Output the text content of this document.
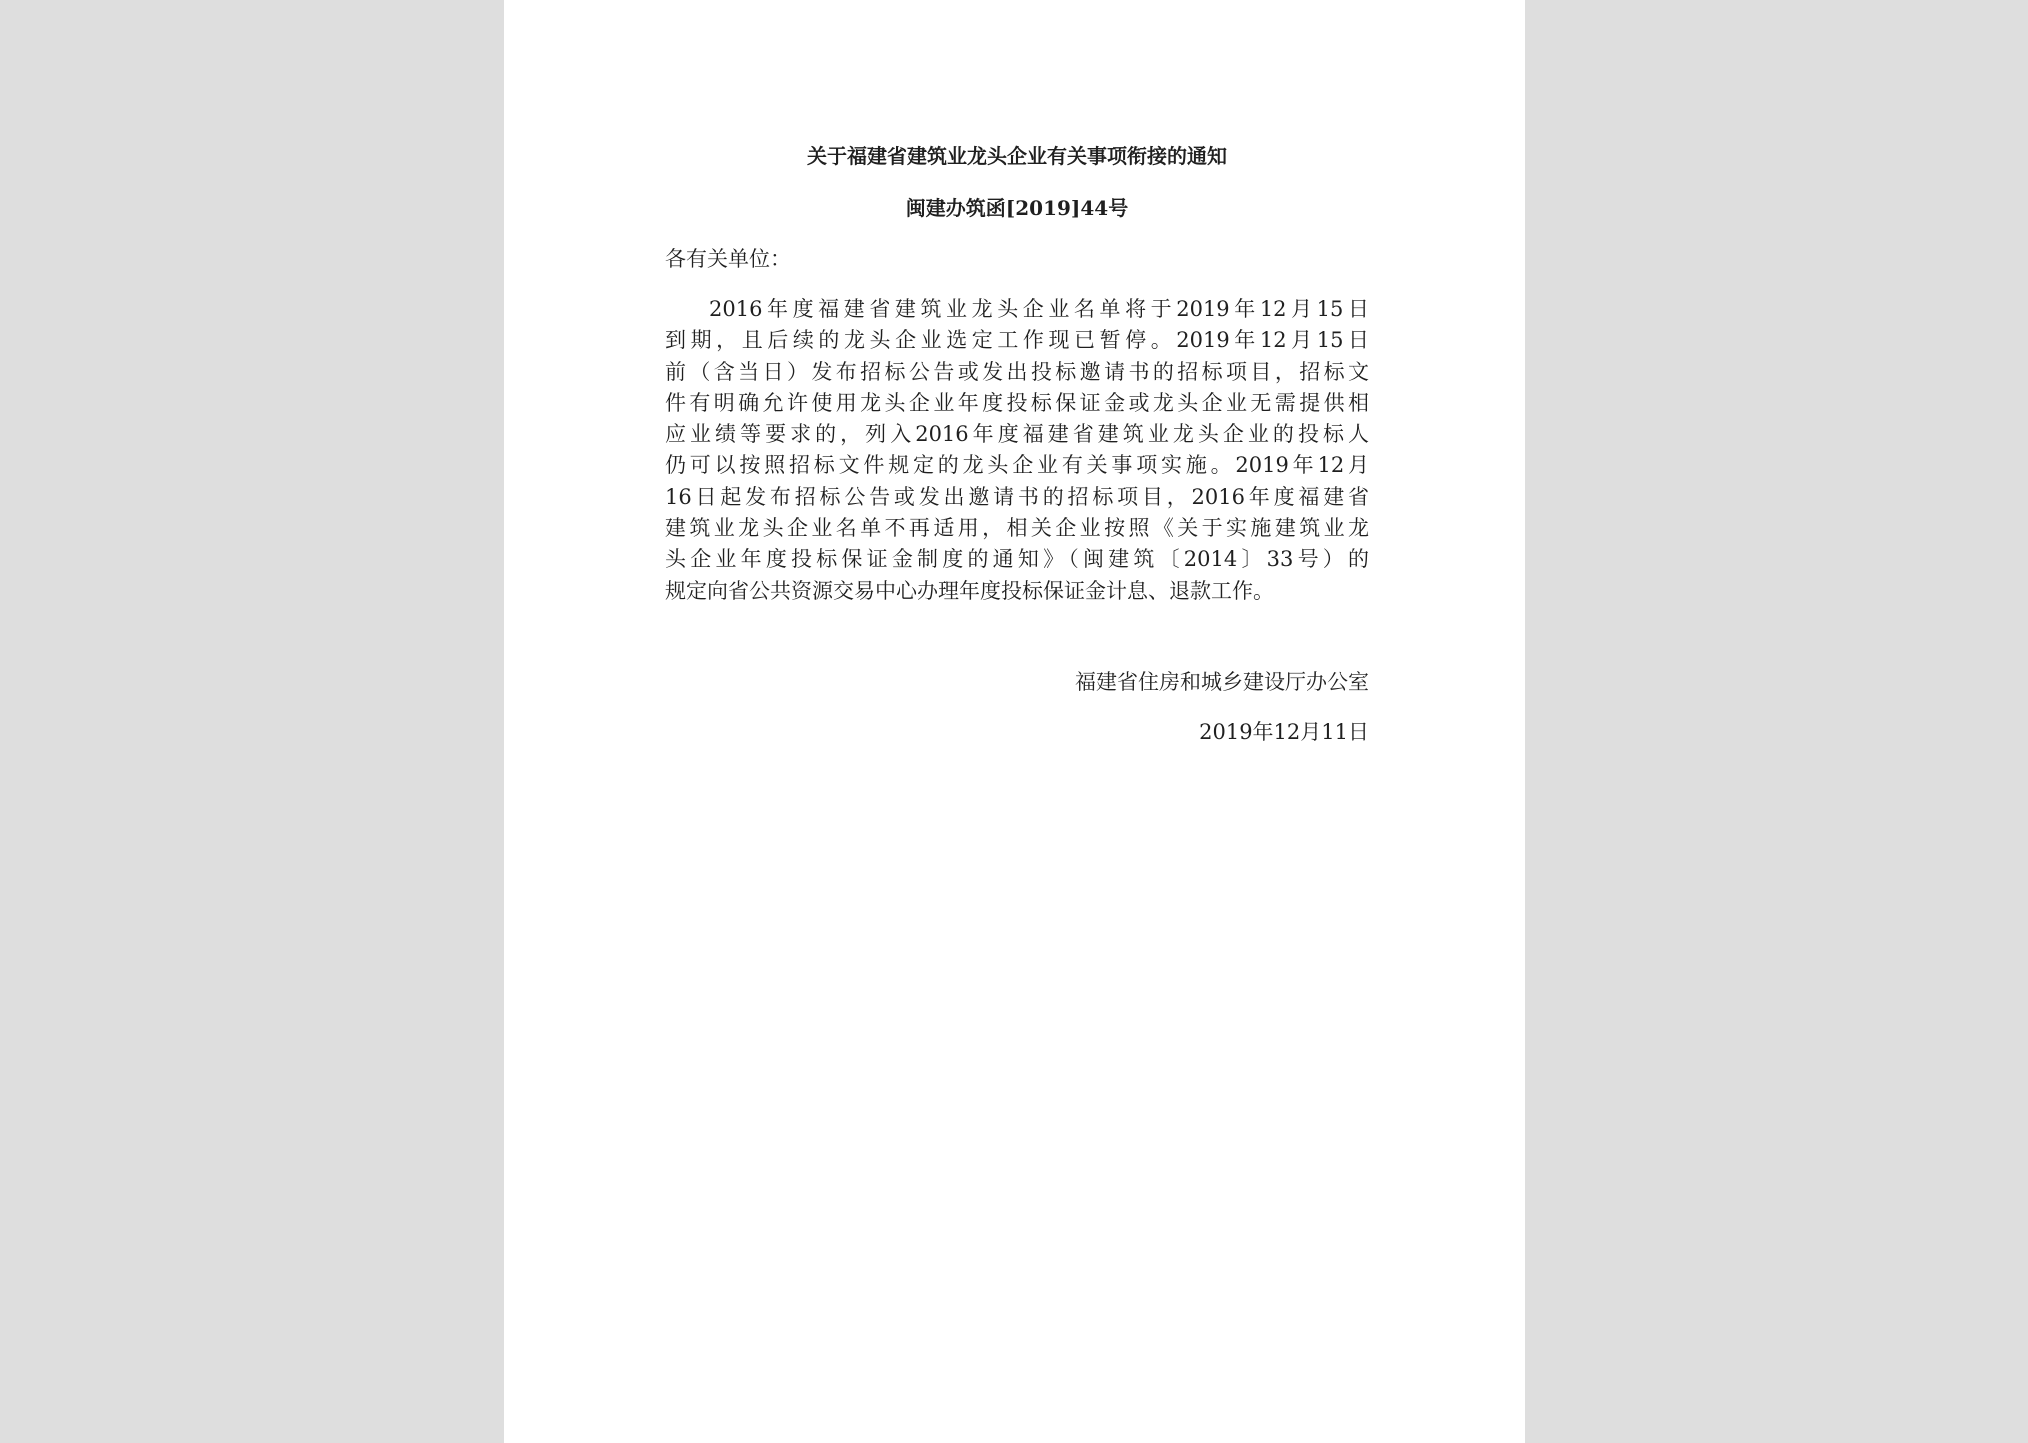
关于福建省建筑业龙头企业有关事项衔接的通知
闽建办筑函[2019]44号
各有关单位：
2016年度福建省建筑业龙头企业名单将于2019年12月15日
到期，且后续的龙头企业选定工作现已暂停。2019年12月15日
前（含当日）发布招标公告或发出投标邀请书的招标项目，招标文
件有明确允许使用龙头企业年度投标保证金或龙头企业无需提供相
应业绩等要求的，列入2016年度福建省建筑业龙头企业的投标人
仍可以按照招标文件规定的龙头企业有关事项实施。2019年12月
16日起发布招标公告或发出邀请书的招标项目，2016年度福建省
建筑业龙头企业名单不再适用，相关企业按照《关于实施建筑业龙
头企业年度投标保证金制度的通知》（闽建筑〔2014〕33号）的
规定向省公共资源交易中心办理年度投标保证金计息、退款工作。
福建省住房和城乡建设厅办公室
2019年12月11日
